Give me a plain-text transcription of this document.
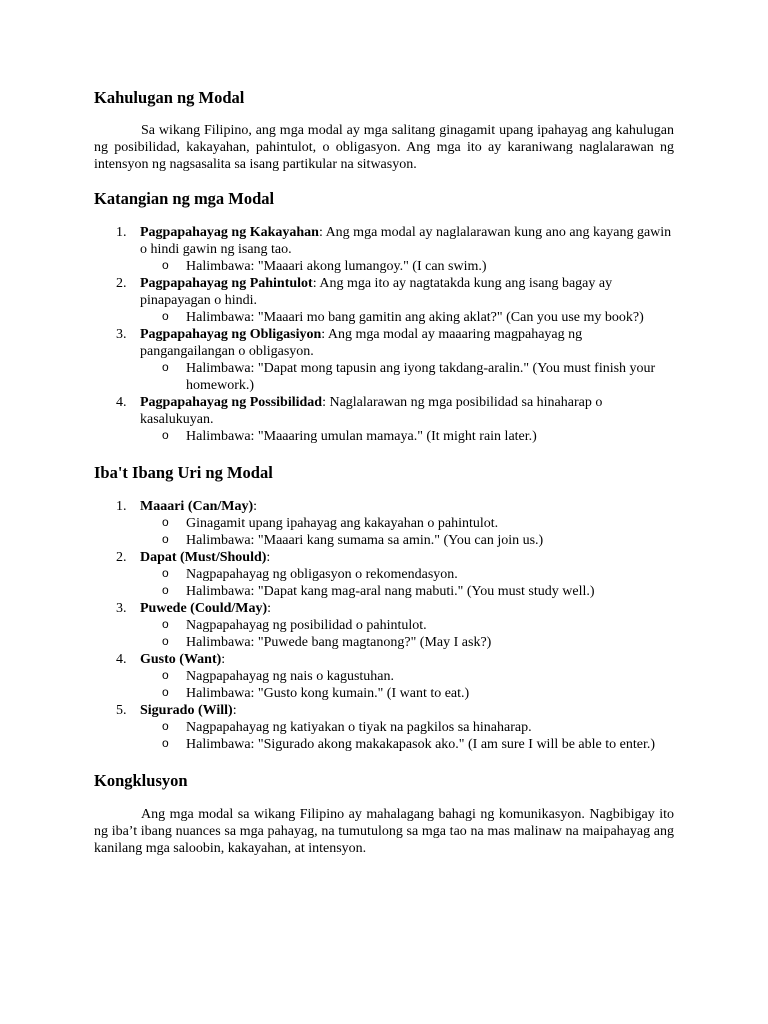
Kahulugan ng Modal

Sa wikang Filipino, ang mga modal ay mga salitang ginagamit upang ipahayag ang kahulugan ng posibilidad, kakayahan, pahintulot, o obligasyon. Ang mga ito ay karaniwang naglalarawan ng intensyon ng nagsasalita sa isang partikular na sitwasyon.

Katangian ng mga Modal
1. Pagpapahayag ng Kakayahan: Ang mga modal ay naglalarawan kung ano ang kayang gawin o hindi gawin ng isang tao.
o Halimbawa: "Maaari akong lumangoy." (I can swim.)
2. Pagpapahayag ng Pahintulot: Ang mga ito ay nagtatakda kung ang isang bagay ay pinapayagan o hindi.
o Halimbawa: "Maaari mo bang gamitin ang aking aklat?" (Can you use my book?)
3. Pagpapahayag ng Obligasiyon: Ang mga modal ay maaaring magpahayag ng pangangailangan o obligasyon.
o Halimbawa: "Dapat mong tapusin ang iyong takdang-aralin." (You must finish your homework.)
4. Pagpapahayag ng Possibilidad: Naglalarawan ng mga posibilidad sa hinaharap o kasalukuyan.
o Halimbawa: "Maaaring umulan mamaya." (It might rain later.)
Iba't Ibang Uri ng Modal
1. Maaari (Can/May):
o Ginagamit upang ipahayag ang kakayahan o pahintulot.
o Halimbawa: "Maaari kang sumama sa amin." (You can join us.)
2. Dapat (Must/Should):
o Nagpapahayag ng obligasyon o rekomendasyon.
o Halimbawa: "Dapat kang mag-aral nang mabuti." (You must study well.)
3. Puwede (Could/May):
o Nagpapahayag ng posibilidad o pahintulot.
o Halimbawa: "Puwede bang magtanong?" (May I ask?)
4. Gusto (Want):
o Nagpapahayag ng nais o kagustuhan.
o Halimbawa: "Gusto kong kumain." (I want to eat.)
5. Sigurado (Will):
o Nagpapahayag ng katiyakan o tiyak na pagkilos sa hinaharap.
o Halimbawa: "Sigurado akong makakapasok ako." (I am sure I will be able to enter.)
Kongklusyon

Ang mga modal sa wikang Filipino ay mahalagang bahagi ng komunikasyon. Nagbibigay ito ng iba’t ibang nuances sa mga pahayag, na tumutulong sa mga tao na mas malinaw na maipahayag ang kanilang mga saloobin, kakayahan, at intensyon.
